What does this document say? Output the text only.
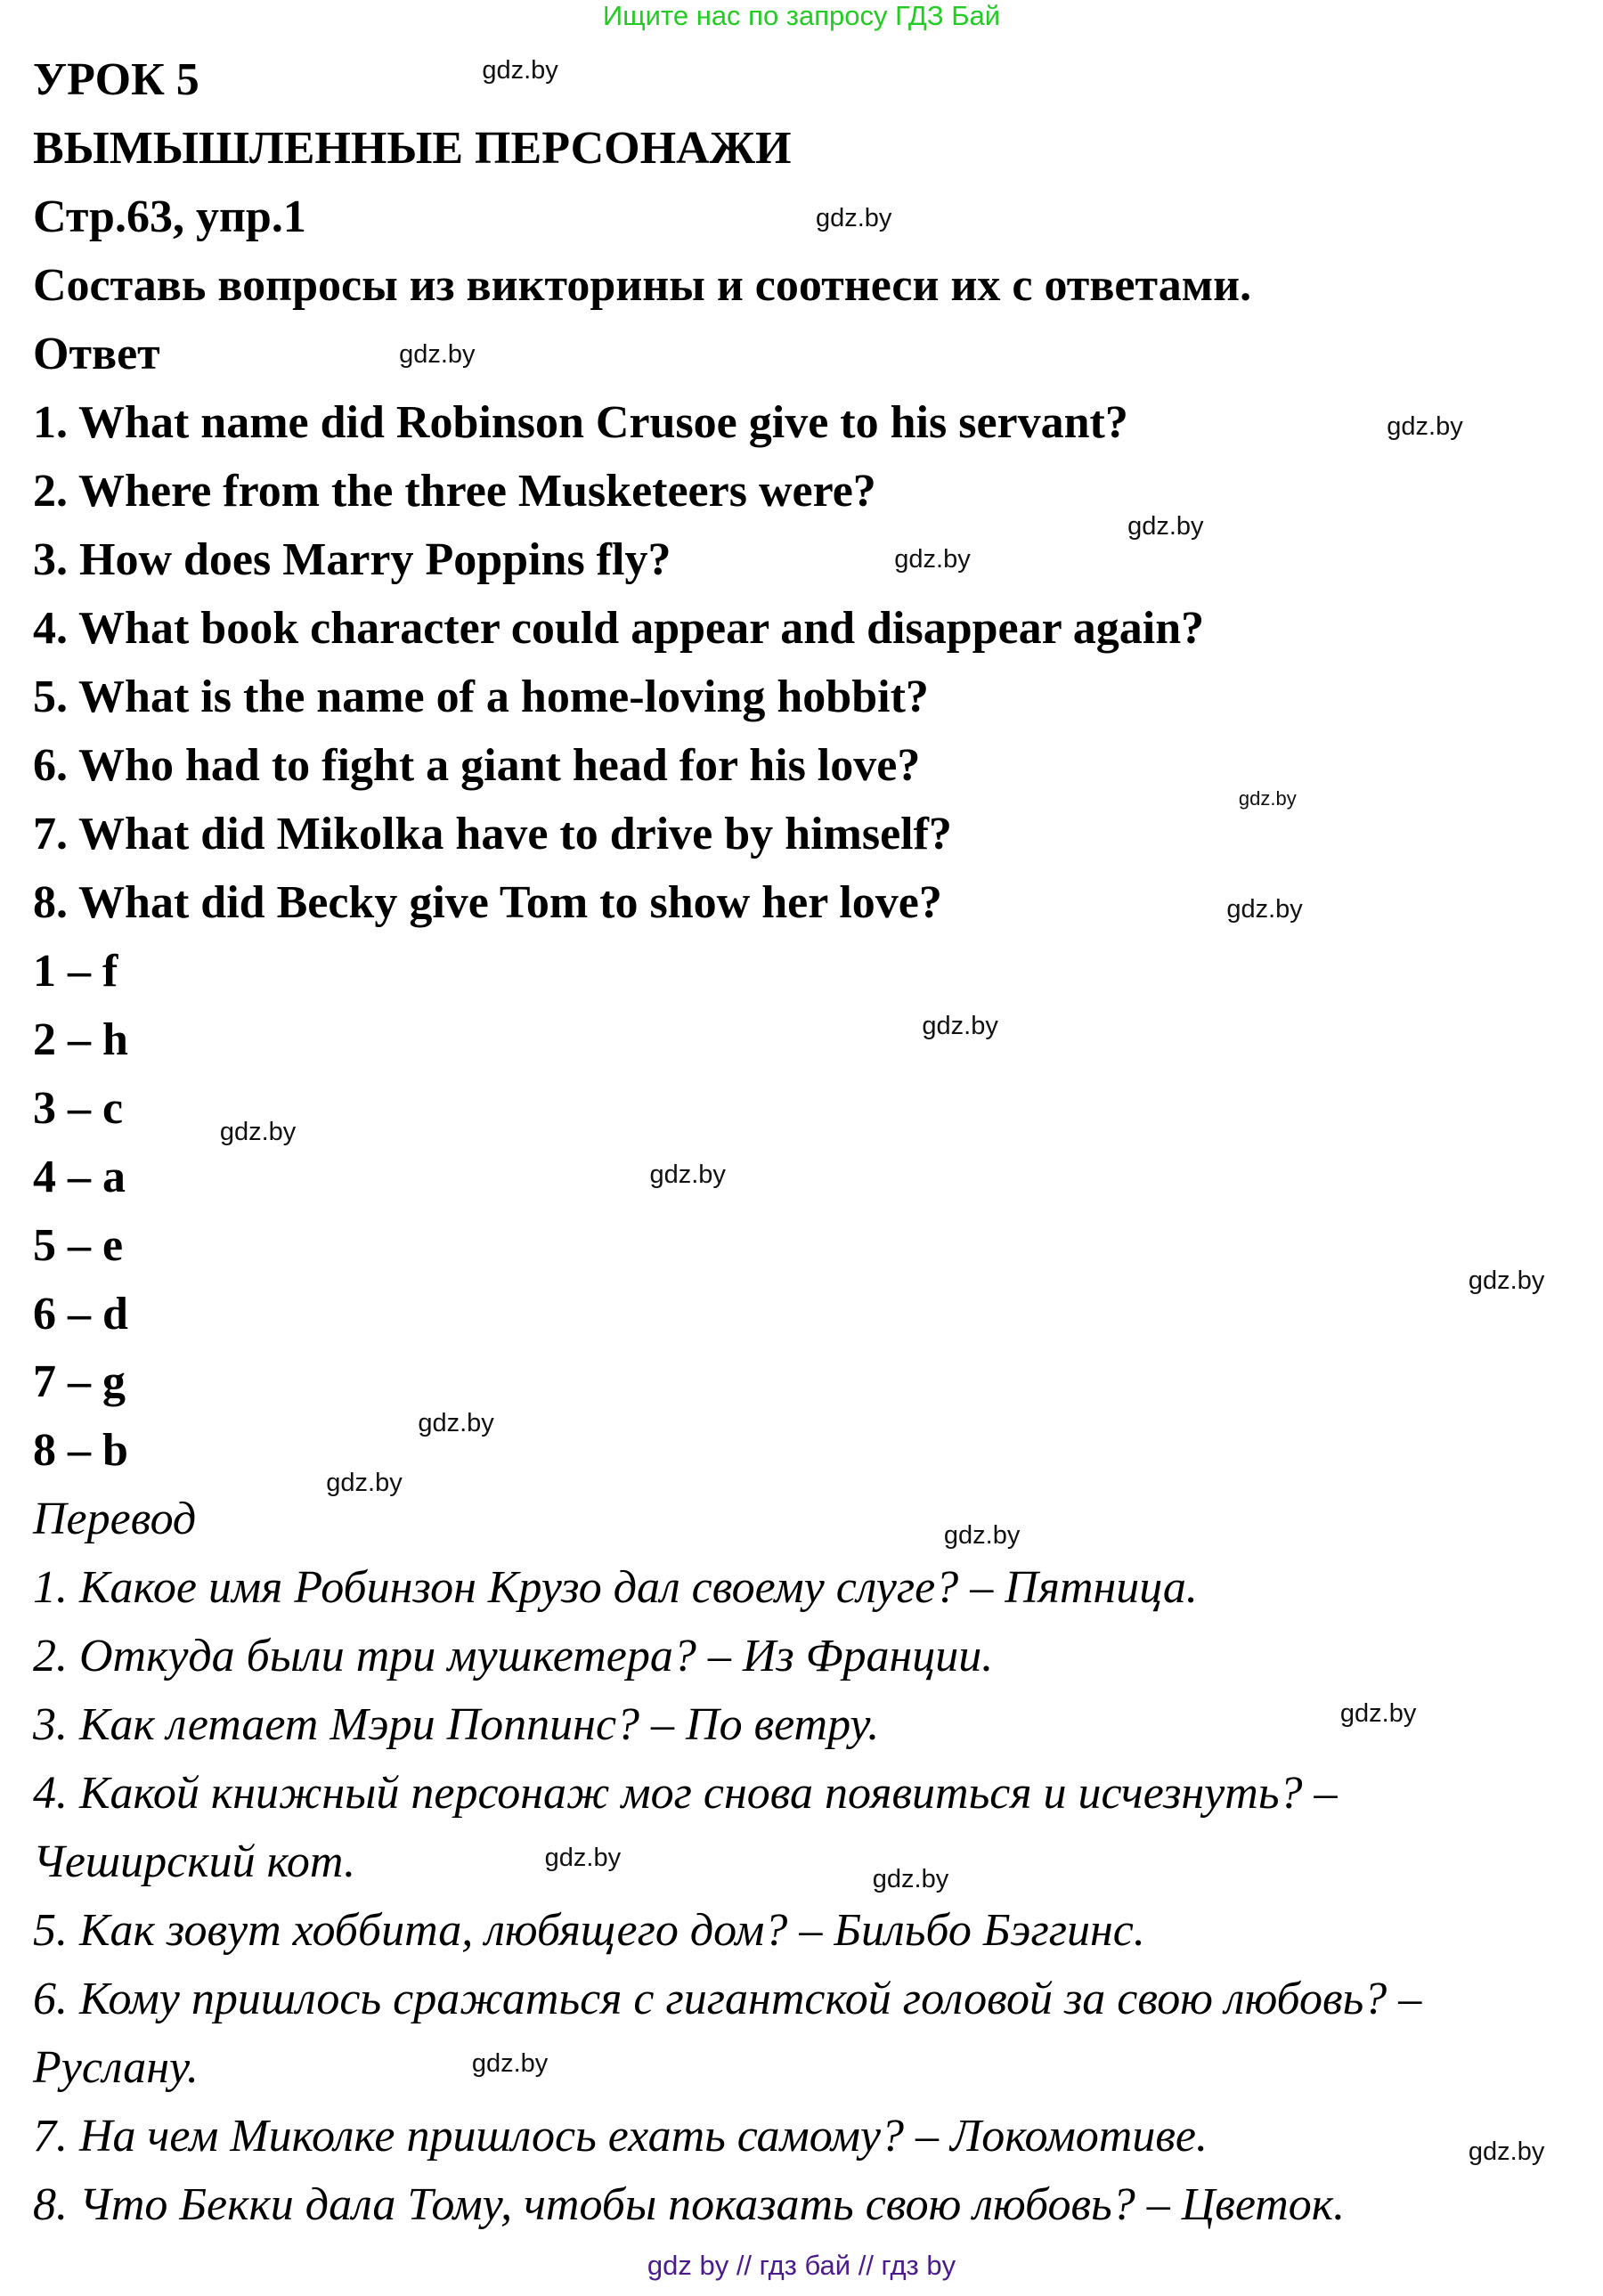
Ищите нас по запросу ГДЗ Бай
УРОК 5
ВЫМЫШЛЕННЫЕ ПЕРСОНАЖИ
Стр.63, упр.1
Составь вопросы из викторины и соотнеси их с ответами.
Ответ
1. What name did Robinson Crusoe give to his servant?
2. Where from the three Musketeers were?
3. How does Marry Poppins fly?
4. What book character could appear and disappear again?
5. What is the name of a home-loving hobbit?
6. Who had to fight a giant head for his love?
7. What did Mikolka have to drive by himself?
8. What did Becky give Tom to show her love?
1 – f
2 – h
3 – c
4 – a
5 – e
6 – d
7 – g
8 – b
Перевод
1. Какое имя Робинзон Крузо дал своему слуге? – Пятница.
2. Откуда были три мушкетера? – Из Франции.
3. Как летает Мэри Поппинс? – По ветру.
4. Какой книжный персонаж мог снова появиться и исчезнуть? –
Чеширский кот.
5. Как зовут хоббита, любящего дом? – Бильбо Бэггинс.
6. Кому пришлось сражаться с гигантской головой за свою любовь? –
Руслану.
7. На чем Миколке пришлось ехать самому? – Локомотиве.
8. Что Бекки дала Тому, чтобы показать свою любовь? – Цветок.
gdz.by
gdz.by
gdz.by
gdz.by
gdz.by
gdz.by
gdz.by
gdz.by
gdz.by
gdz.by
gdz.by
gdz.by
gdz.by
gdz.by
gdz.by
gdz.by
gdz.by
gdz.by
gdz.by
gdz.by
gdz by // гдз бай // гдз by
